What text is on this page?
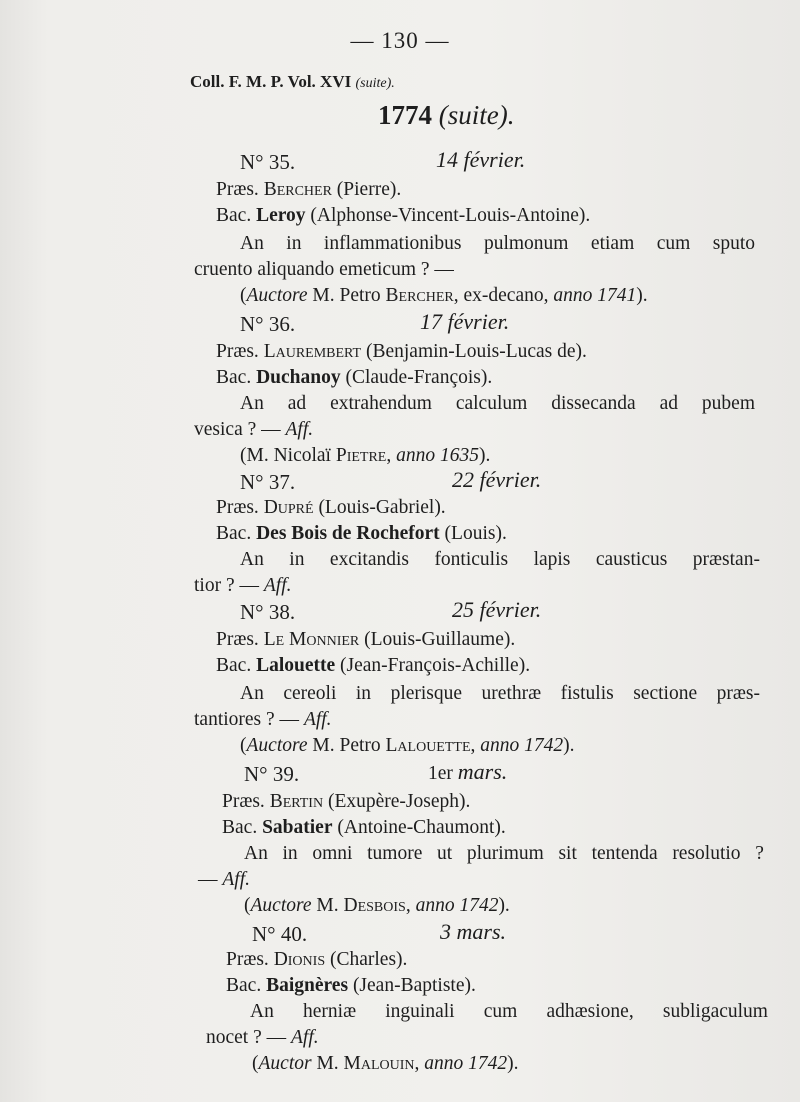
— 130 —
Coll. F. M. P. Vol. XVI (suite).
1774 (suite).
N° 35.	14 février.
Præs. Bercher (Pierre).
Bac. Leroy (Alphonse-Vincent-Louis-Antoine).
An in inflammationibus pulmonum etiam cum sputo
cruento aliquando emeticum ? —
(Auctore M. Petro Bercher, ex-decano, anno 1741).
N° 36.	17 février.
Præs. Laurembert (Benjamin-Louis-Lucas de).
Bac. Duchanoy (Claude-François).
An ad extrahendum calculum dissecanda ad pubem
vesica ? — Aff.
(M. Nicolaï Pietre, anno 1635).
N° 37.	22 février.
Præs. Dupré (Louis-Gabriel).
Bac. Des Bois de Rochefort (Louis).
An in excitandis fonticulis lapis causticus præstan-
tior ? — Aff.
N° 38.	25 février.
Præs. Le Monnier (Louis-Guillaume).
Bac. Lalouette (Jean-François-Achille).
An cereoli in plerisque urethræ fistulis sectione præs-
tantiores ? — Aff.
(Auctore M. Petro Lalouette, anno 1742).
N° 39.	1er mars.
Præs. Bertin (Exupère-Joseph).
Bac. Sabatier (Antoine-Chaumont).
An in omni tumore ut plurimum sit tentenda resolutio ?
— Aff.
(Auctore M. Desbois, anno 1742).
N° 40.	3 mars.
Præs. Dionis (Charles).
Bac. Baignères (Jean-Baptiste).
An herniæ inguinali cum adhæsione, subligaculum
nocet ? — Aff.
(Auctor M. Malouin, anno 1742).
